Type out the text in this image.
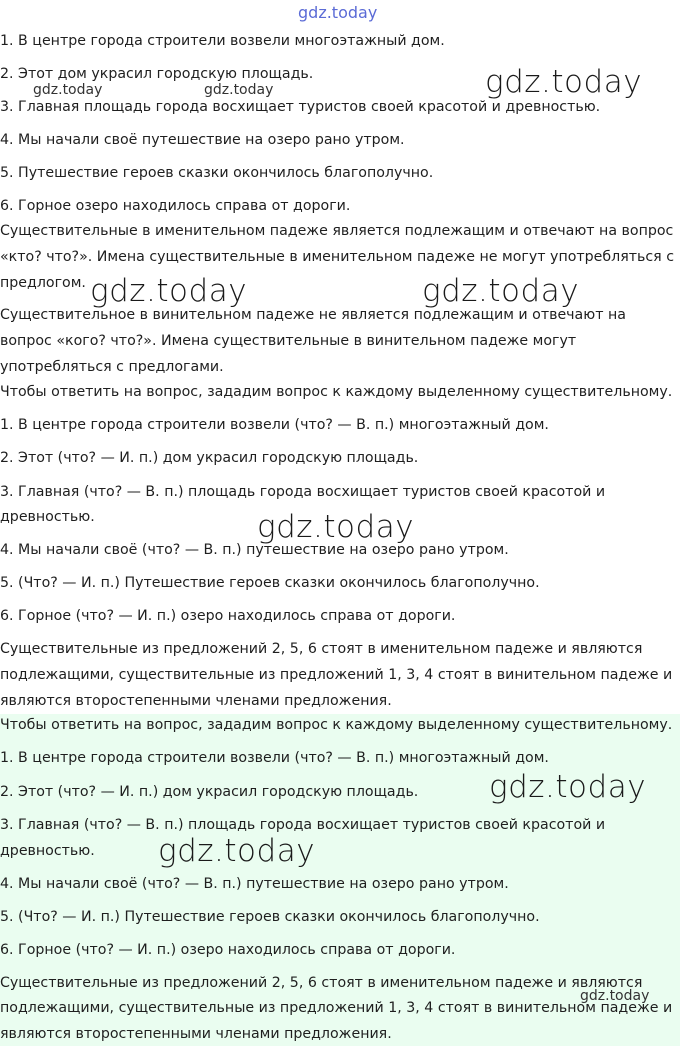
1. В центре города строители возвели многоэтажный дом.
2. Этот дом украсил городскую площадь.
3. Главная площадь города восхищает туристов своей красотой и древностью.
4. Мы начали своё путешествие на озеро рано утром.
5. Путешествие героев сказки окончилось благополучно.
6. Горное озеро находилось справа от дороги.
Существительные в именительном падеже является подлежащим и отвечают на вопрос
«кто? что?». Имена существительные в именительном падеже не могут употребляться с
предлогом.
Существительное в винительном падеже не является подлежащим и отвечают на
вопрос «кого? что?». Имена существительные в винительном падеже могут
употребляться с предлогами.
Чтобы ответить на вопрос, зададим вопрос к каждому выделенному существительному.
1. В центре города строители возвели (что? — В. п.) многоэтажный дом.
2. Этот (что? — И. п.) дом украсил городскую площадь.
3. Главная (что? — В. п.) площадь города восхищает туристов своей красотой и
древностью.
4. Мы начали своё (что? — В. п.) путешествие на озеро рано утром.
5. (Что? — И. п.) Путешествие героев сказки окончилось благополучно.
6. Горное (что? — И. п.) озеро находилось справа от дороги.
Существительные из предложений 2, 5, 6 стоят в именительном падеже и являются
подлежащими, существительные из предложений 1, 3, 4 стоят в винительном падеже и
являются второстепенными членами предложения.
Чтобы ответить на вопрос, зададим вопрос к каждому выделенному существительному.
1. В центре города строители возвели (что? — В. п.) многоэтажный дом.
2. Этот (что? — И. п.) дом украсил городскую площадь.
3. Главная (что? — В. п.) площадь города восхищает туристов своей красотой и
древностью.
4. Мы начали своё (что? — В. п.) путешествие на озеро рано утром.
5. (Что? — И. п.) Путешествие героев сказки окончилось благополучно.
6. Горное (что? — И. п.) озеро находилось справа от дороги.
Существительные из предложений 2, 5, 6 стоят в именительном падеже и являются
подлежащими, существительные из предложений 1, 3, 4 стоят в винительном падеже и
являются второстепенными членами предложения.
gdz.today
gdz.today	gdz.today	gdz.today
gdz.today	gdz.today
gdz.today
gdz.today
gdz.today
gdz.today
